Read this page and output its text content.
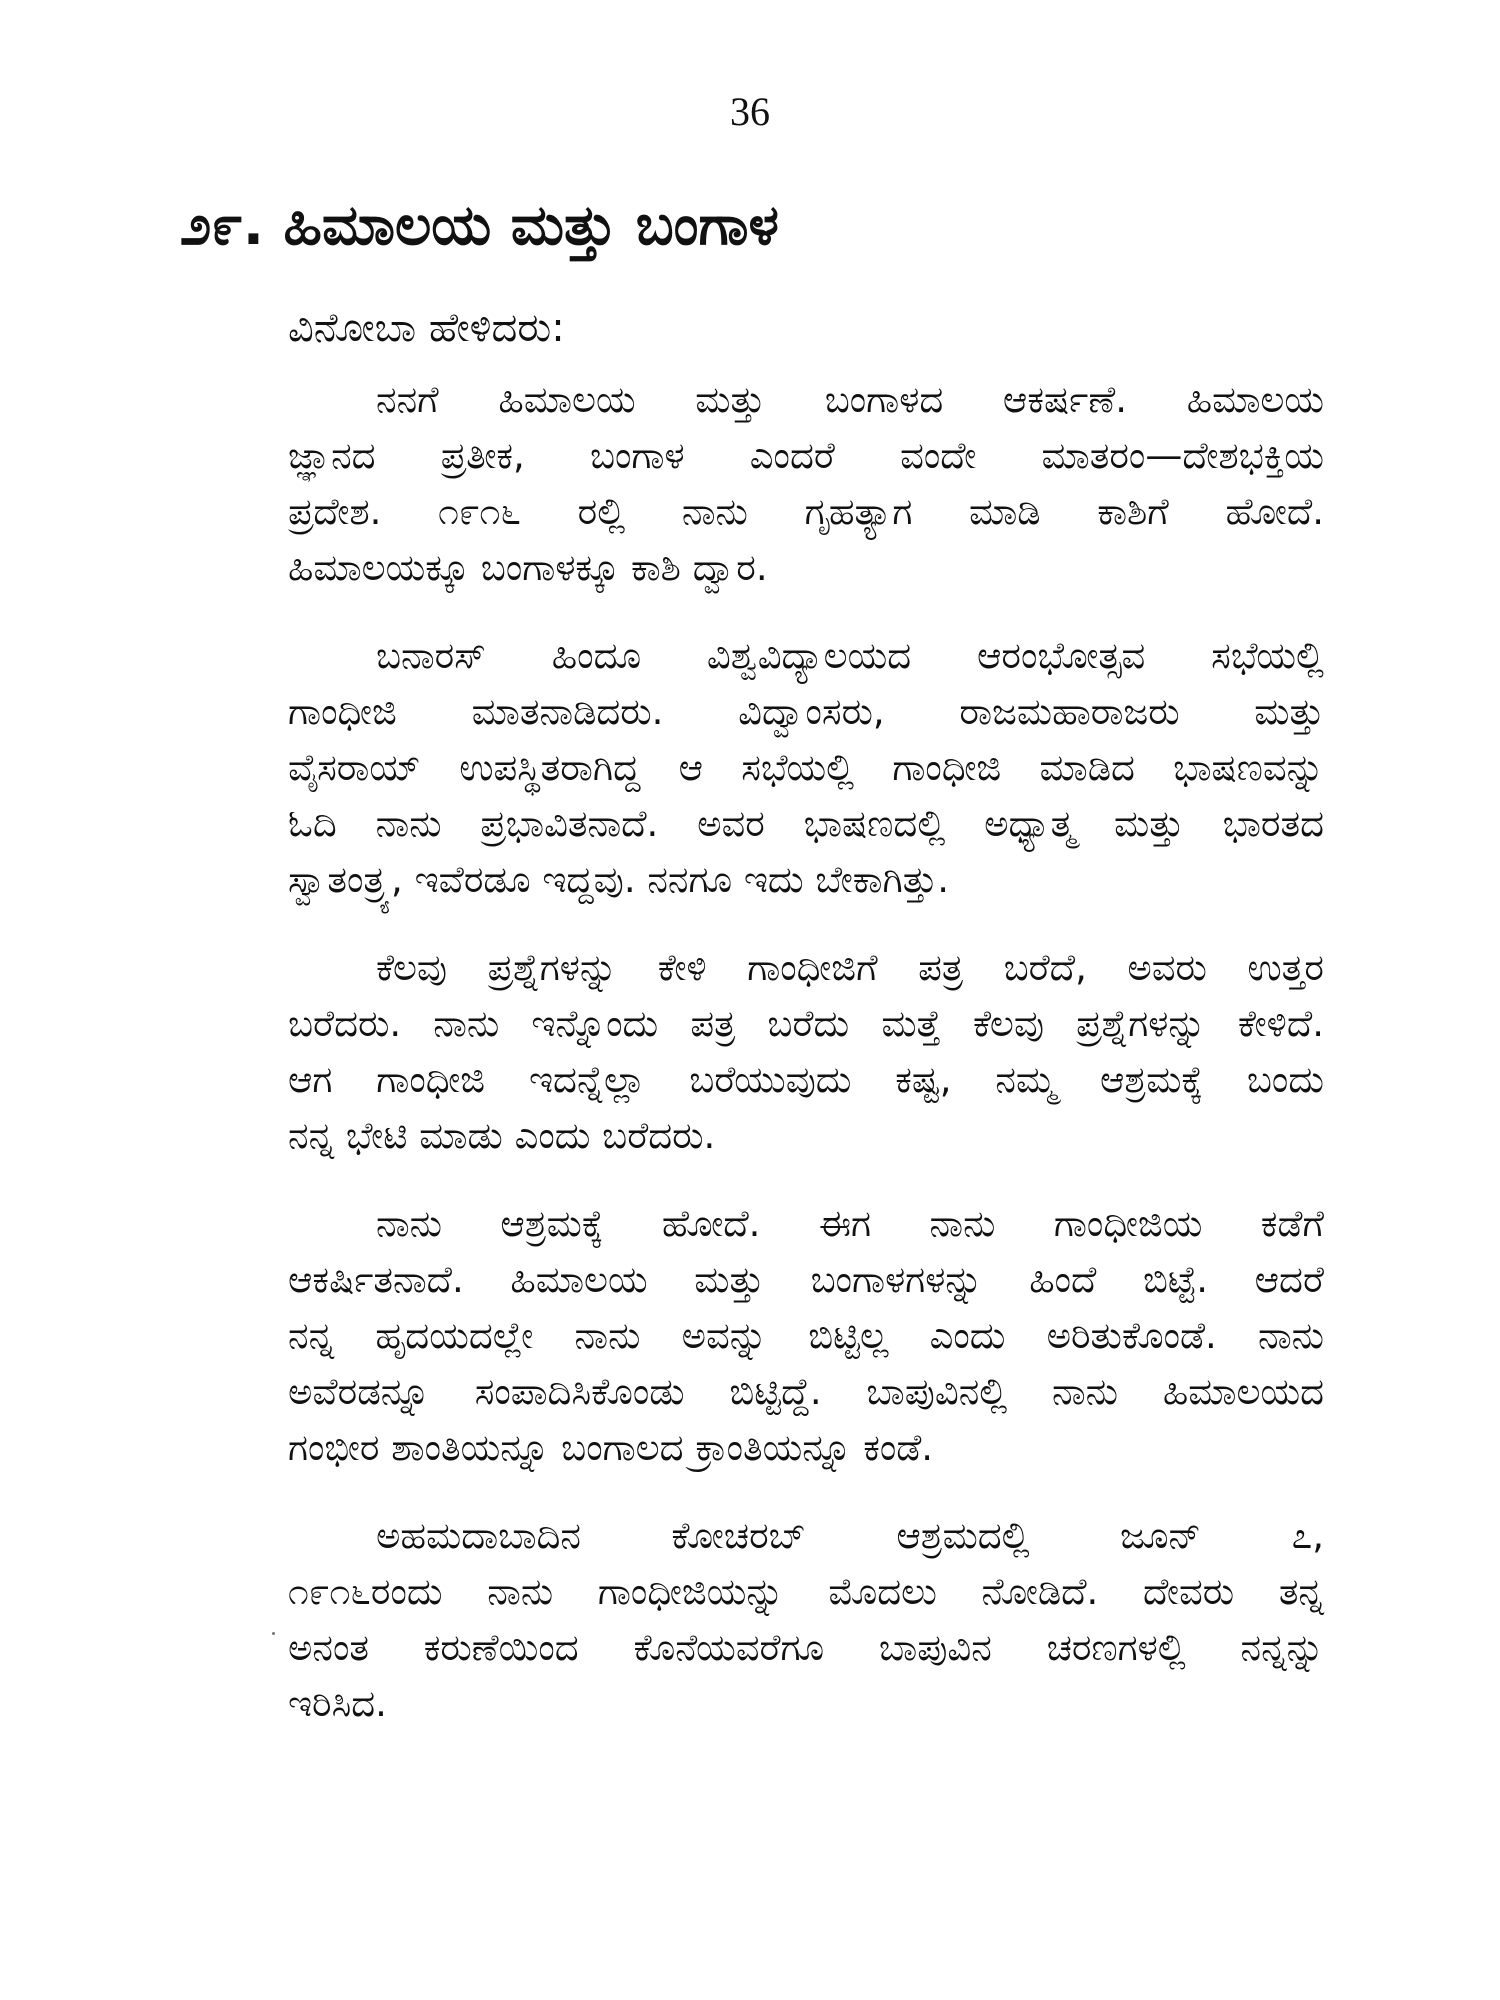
36
೨೯. ಹಿಮಾಲಯ ಮತ್ತು ಬಂಗಾಳ
ವಿನೋಬಾ ಹೇಳಿದರು:

ನನಗೆ ಹಿಮಾಲಯ ಮತ್ತು ಬಂಗಾಳದ ಆಕರ್ಷಣೆ. ಹಿಮಾಲಯ
ಜ್ಞಾನದ ಪ್ರತೀಕ, ಬಂಗಾಳ ಎಂದರೆ ವಂದೇ ಮಾತರಂ—ದೇಶಭಕ್ತಿಯ
ಪ್ರದೇಶ. ೧೯೧೬ ರಲ್ಲಿ ನಾನು ಗೃಹತ್ಯಾಗ ಮಾಡಿ ಕಾಶಿಗೆ ಹೋದೆ.
ಹಿಮಾಲಯಕ್ಕೂ ಬಂಗಾಳಕ್ಕೂ ಕಾಶಿ ದ್ವಾರ.

ಬನಾರಸ್ ಹಿಂದೂ ವಿಶ್ವವಿದ್ಯಾಲಯದ ಆರಂಭೋತ್ಸವ ಸಭೆಯಲ್ಲಿ
ಗಾಂಧೀಜಿ ಮಾತನಾಡಿದರು. ವಿದ್ವಾಂಸರು, ರಾಜಮಹಾರಾಜರು ಮತ್ತು
ವೈಸರಾಯ್ ಉಪಸ್ಥಿತರಾಗಿದ್ದ ಆ ಸಭೆಯಲ್ಲಿ ಗಾಂಧೀಜಿ ಮಾಡಿದ ಭಾಷಣವನ್ನು
ಓದಿ ನಾನು ಪ್ರಭಾವಿತನಾದೆ. ಅವರ ಭಾಷಣದಲ್ಲಿ ಅಧ್ಯಾತ್ಮ ಮತ್ತು ಭಾರತದ
ಸ್ವಾತಂತ್ರ್ಯ, ಇವೆರಡೂ ಇದ್ದವು. ನನಗೂ ಇದು ಬೇಕಾಗಿತ್ತು.

ಕೆಲವು ಪ್ರಶ್ನೆಗಳನ್ನು ಕೇಳಿ ಗಾಂಧೀಜಿಗೆ ಪತ್ರ ಬರೆದೆ, ಅವರು ಉತ್ತರ
ಬರೆದರು. ನಾನು ಇನ್ನೊಂದು ಪತ್ರ ಬರೆದು ಮತ್ತೆ ಕೆಲವು ಪ್ರಶ್ನೆಗಳನ್ನು ಕೇಳಿದೆ.
ಆಗ ಗಾಂಧೀಜಿ ಇದನ್ನೆಲ್ಲಾ ಬರೆಯುವುದು ಕಷ್ಟ, ನಮ್ಮ ಆಶ್ರಮಕ್ಕೆ ಬಂದು
ನನ್ನ ಭೇಟಿ ಮಾಡು ಎಂದು ಬರೆದರು.

ನಾನು ಆಶ್ರಮಕ್ಕೆ ಹೋದೆ. ಈಗ ನಾನು ಗಾಂಧೀಜಿಯ ಕಡೆಗೆ
ಆಕರ್ಷಿತನಾದೆ. ಹಿಮಾಲಯ ಮತ್ತು ಬಂಗಾಳಗಳನ್ನು ಹಿಂದೆ ಬಿಟ್ಟೆ. ಆದರೆ
ನನ್ನ ಹೃದಯದಲ್ಲೇ ನಾನು ಅವನ್ನು ಬಿಟ್ಟಿಲ್ಲ ಎಂದು ಅರಿತುಕೊಂಡೆ. ನಾನು
ಅವೆರಡನ್ನೂ ಸಂಪಾದಿಸಿಕೊಂಡು ಬಿಟ್ಟಿದ್ದೆ. ಬಾಪುವಿನಲ್ಲಿ ನಾನು ಹಿಮಾಲಯದ
ಗಂಭೀರ ಶಾಂತಿಯನ್ನೂ ಬಂಗಾಲದ ಕ್ರಾಂತಿಯನ್ನೂ ಕಂಡೆ.

ಅಹಮದಾಬಾದಿನ ಕೋಚರಬ್ ಆಶ್ರಮದಲ್ಲಿ ಜೂನ್ ೭,
೧೯೧೬ರಂದು ನಾನು ಗಾಂಧೀಜಿಯನ್ನು ಮೊದಲು ನೋಡಿದೆ. ದೇವರು ತನ್ನ
ಅನಂತ ಕರುಣೆಯಿಂದ ಕೊನೆಯವರೆಗೂ ಬಾಪುವಿನ ಚರಣಗಳಲ್ಲಿ ನನ್ನನ್ನು
ಇರಿಸಿದ.
